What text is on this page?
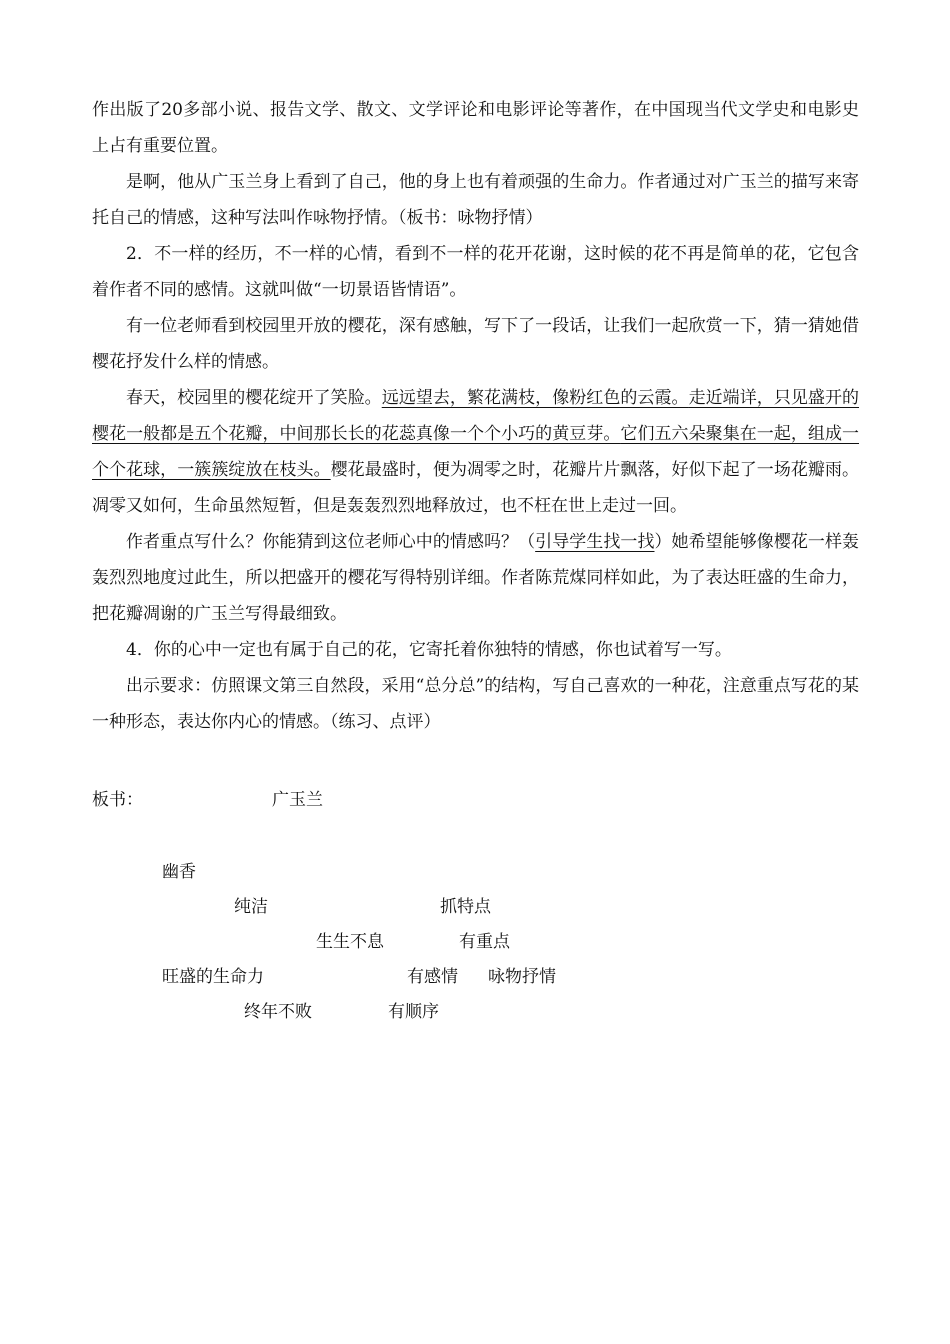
作出版了20多部小说、报告文学、散文、文学评论和电影评论等著作，在中国现当代文学史和电影史上占有重要位置。

是啊，他从广玉兰身上看到了自己，他的身上也有着顽强的生命力。作者通过对广玉兰的描写来寄托自己的情感，这种写法叫作咏物抒情。（板书：咏物抒情）

2．不一样的经历，不一样的心情，看到不一样的花开花谢，这时候的花不再是简单的花，它包含着作者不同的感情。这就叫做“一切景语皆情语”。

有一位老师看到校园里开放的樱花，深有感触，写下了一段话，让我们一起欣赏一下，猜一猜她借樱花抒发什么样的情感。

春天，校园里的樱花绽开了笑脸。远远望去，繁花满枝，像粉红色的云霞。走近端详，只见盛开的樱花一般都是五个花瓣，中间那长长的花蕊真像一个个小巧的黄豆芽。它们五六朵聚集在一起，组成一个个花球，一簇簇绽放在枝头。樱花最盛时，便为凋零之时，花瓣片片飘落，好似下起了一场花瓣雨。凋零又如何，生命虽然短暂，但是轰轰烈烈地释放过，也不枉在世上走过一回。

作者重点写什么？你能猜到这位老师心中的情感吗？（引导学生找一找）她希望能够像樱花一样轰轰烈烈地度过此生，所以把盛开的樱花写得特别详细。作者陈荒煤同样如此，为了表达旺盛的生命力，把花瓣凋谢的广玉兰写得最细致。

4．你的心中一定也有属于自己的花，它寄托着你独特的情感，你也试着写一写。

出示要求：仿照课文第三自然段，采用“总分总”的结构，写自己喜欢的一种花，注意重点写花的某一种形态，表达你内心的情感。（练习、点评）

板书：	广玉兰
幽香
纯洁	抓特点
生生不息	有重点
旺盛的生命力	有感情 咏物抒情
终年不败	有顺序
